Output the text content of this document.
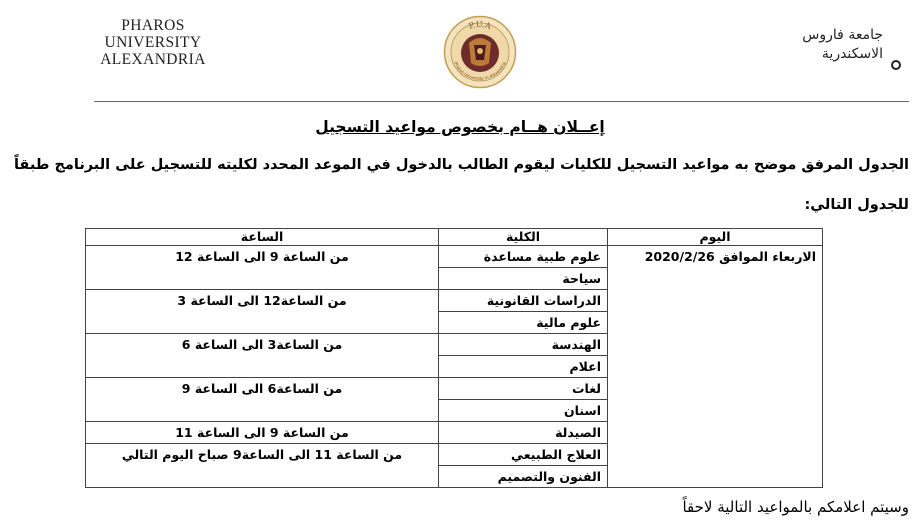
PHAROS
UNIVERSITY
ALEXANDRIA
P.U.A
Pharos University in Alexandria
جامعة فاروس
الاسكندرية
إعــلان هــام بخصوص مواعيد التسجيل
الجدول المرفق موضح به مواعيد التسجيل للكليات ليقوم الطالب بالدخول في الموعد المحدد لكليته للتسجيل على البرنامج طبقاً
للجدول التالي:
اليوم	الكلية	الساعة
الاربعاء الموافق 2020/2/26	علوم طبية مساعدة	من الساعة 9 الى الساعة 12
	سياحة	
	الدراسات القانونية	من الساعة12 الى الساعة 3
	علوم مالية	
	الهندسة	من الساعة3 الى الساعة 6
	اعلام	
	لغات	من الساعة6 الى الساعة 9
	اسنان	
	الصيدلة	من الساعة 9 الى الساعة 11
	العلاج الطبيعي	من الساعة 11 الى الساعة9 صباح اليوم التالي
	الفنون والتصميم	
وسيتم اعلامكم بالمواعيد التالية لاحقاً
